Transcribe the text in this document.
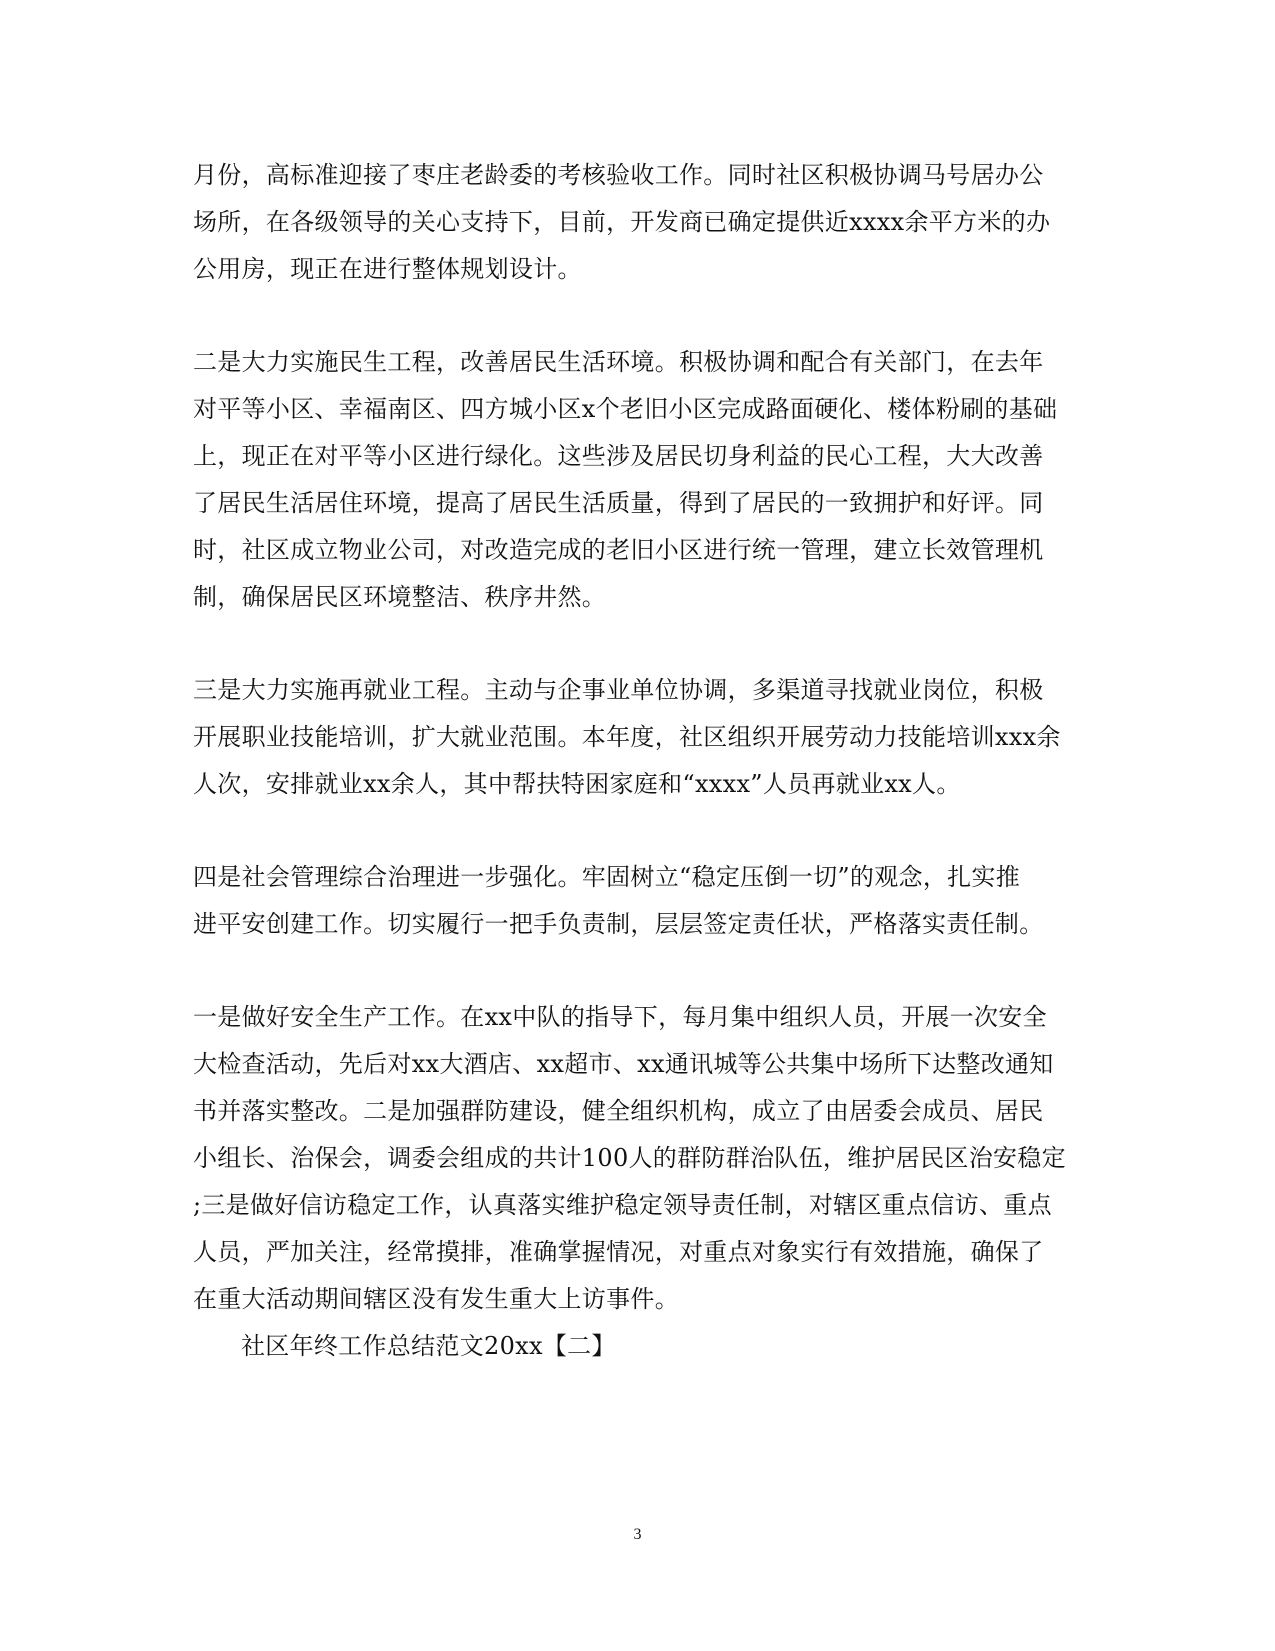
月份，高标准迎接了枣庄老龄委的考核验收工作。同时社区积极协调马号居办公
场所，在各级领导的关心支持下，目前，开发商已确定提供近xxxx余平方米的办
公用房，现正在进行整体规划设计。
二是大力实施民生工程，改善居民生活环境。积极协调和配合有关部门，在去年
对平等小区、幸福南区、四方城小区x个老旧小区完成路面硬化、楼体粉刷的基础
上，现正在对平等小区进行绿化。这些涉及居民切身利益的民心工程，大大改善
了居民生活居住环境，提高了居民生活质量，得到了居民的一致拥护和好评。同
时，社区成立物业公司，对改造完成的老旧小区进行统一管理，建立长效管理机
制，确保居民区环境整洁、秩序井然。
三是大力实施再就业工程。主动与企事业单位协调，多渠道寻找就业岗位，积极
开展职业技能培训，扩大就业范围。本年度，社区组织开展劳动力技能培训xxx余
人次，安排就业xx余人，其中帮扶特困家庭和“xxxx”人员再就业xx人。
四是社会管理综合治理进一步强化。牢固树立“稳定压倒一切”的观念，扎实推
进平安创建工作。切实履行一把手负责制，层层签定责任状，严格落实责任制。
一是做好安全生产工作。在xx中队的指导下，每月集中组织人员，开展一次安全
大检查活动，先后对xx大酒店、xx超市、xx通讯城等公共集中场所下达整改通知
书并落实整改。二是加强群防建设，健全组织机构，成立了由居委会成员、居民
小组长、治保会，调委会组成的共计100人的群防群治队伍，维护居民区治安稳定
;三是做好信访稳定工作，认真落实维护稳定领导责任制，对辖区重点信访、重点
人员，严加关注，经常摸排，准确掌握情况，对重点对象实行有效措施，确保了
在重大活动期间辖区没有发生重大上访事件。
社区年终工作总结范文20xx【二】
3
